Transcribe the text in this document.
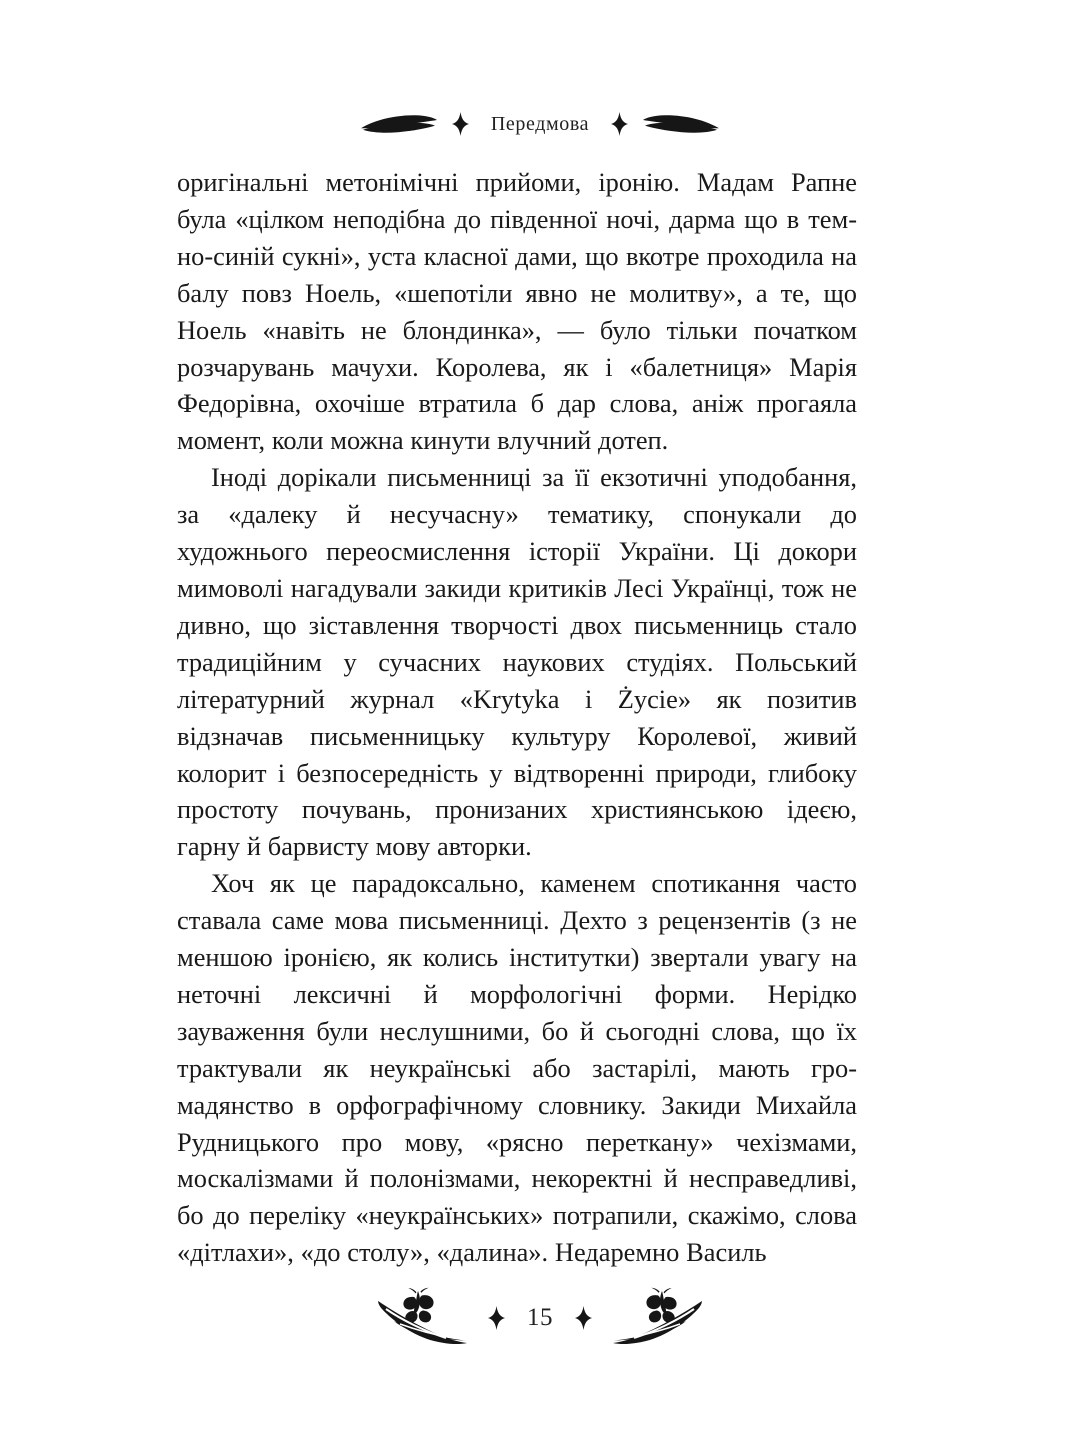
Передмова

оригінальні метонімічні прийоми, іронію. Мадам Рапне була «цілком неподібна до південної ночі, дарма що в темно-синій сукні», уста класної дами, що вкотре проходила на балу повз Ноель, «шепотіли явно не молитву», а те, що Ноель «навіть не блондинка», — було тільки початком розчарувань мачухи. Королева, як і «балетниця» Марія Федорівна, охочіше втратила б дар слова, аніж прогаяла момент, коли можна кинути влучний дотеп.

Іноді дорікали письменниці за її екзотичні уподобання, за «далеку й несучасну» тематику, спонукали до художнього переосмислення історії України. Ці докори мимоволі нагадували закиди критиків Лесі Українці, тож не дивно, що зіставлення творчості двох письменниць стало традиційним у сучасних наукових студіях. Польський літературний журнал «Krytyka i Życie» як позитив відзначав письменницьку культуру Королевої, живий колорит і безпосередність у відтворенні природи, глибоку простоту почувань, пронизаних християнською ідеєю, гарну й барвисту мову авторки.

Хоч як це парадоксально, каменем спотикання часто ставала саме мова письменниці. Дехто з рецензентів (з не меншою іронією, як колись інститутки) звертали увагу на неточні лексичні й морфологічні форми. Нерідко зауваження були неслушними, бо й сьогодні слова, що їх трактували як неукраїнські або застарілі, мають громадянство в орфографічному словнику. Закиди Михайла Рудницького про мову, «рясно переткану» чехізмами, москалізмами й полонізмами, некоректні й несправедливі, бо до переліку «неукраїнських» потрапили, скажімо, слова «дітлахи», «до столу», «далина». Недаремно Василь

15
